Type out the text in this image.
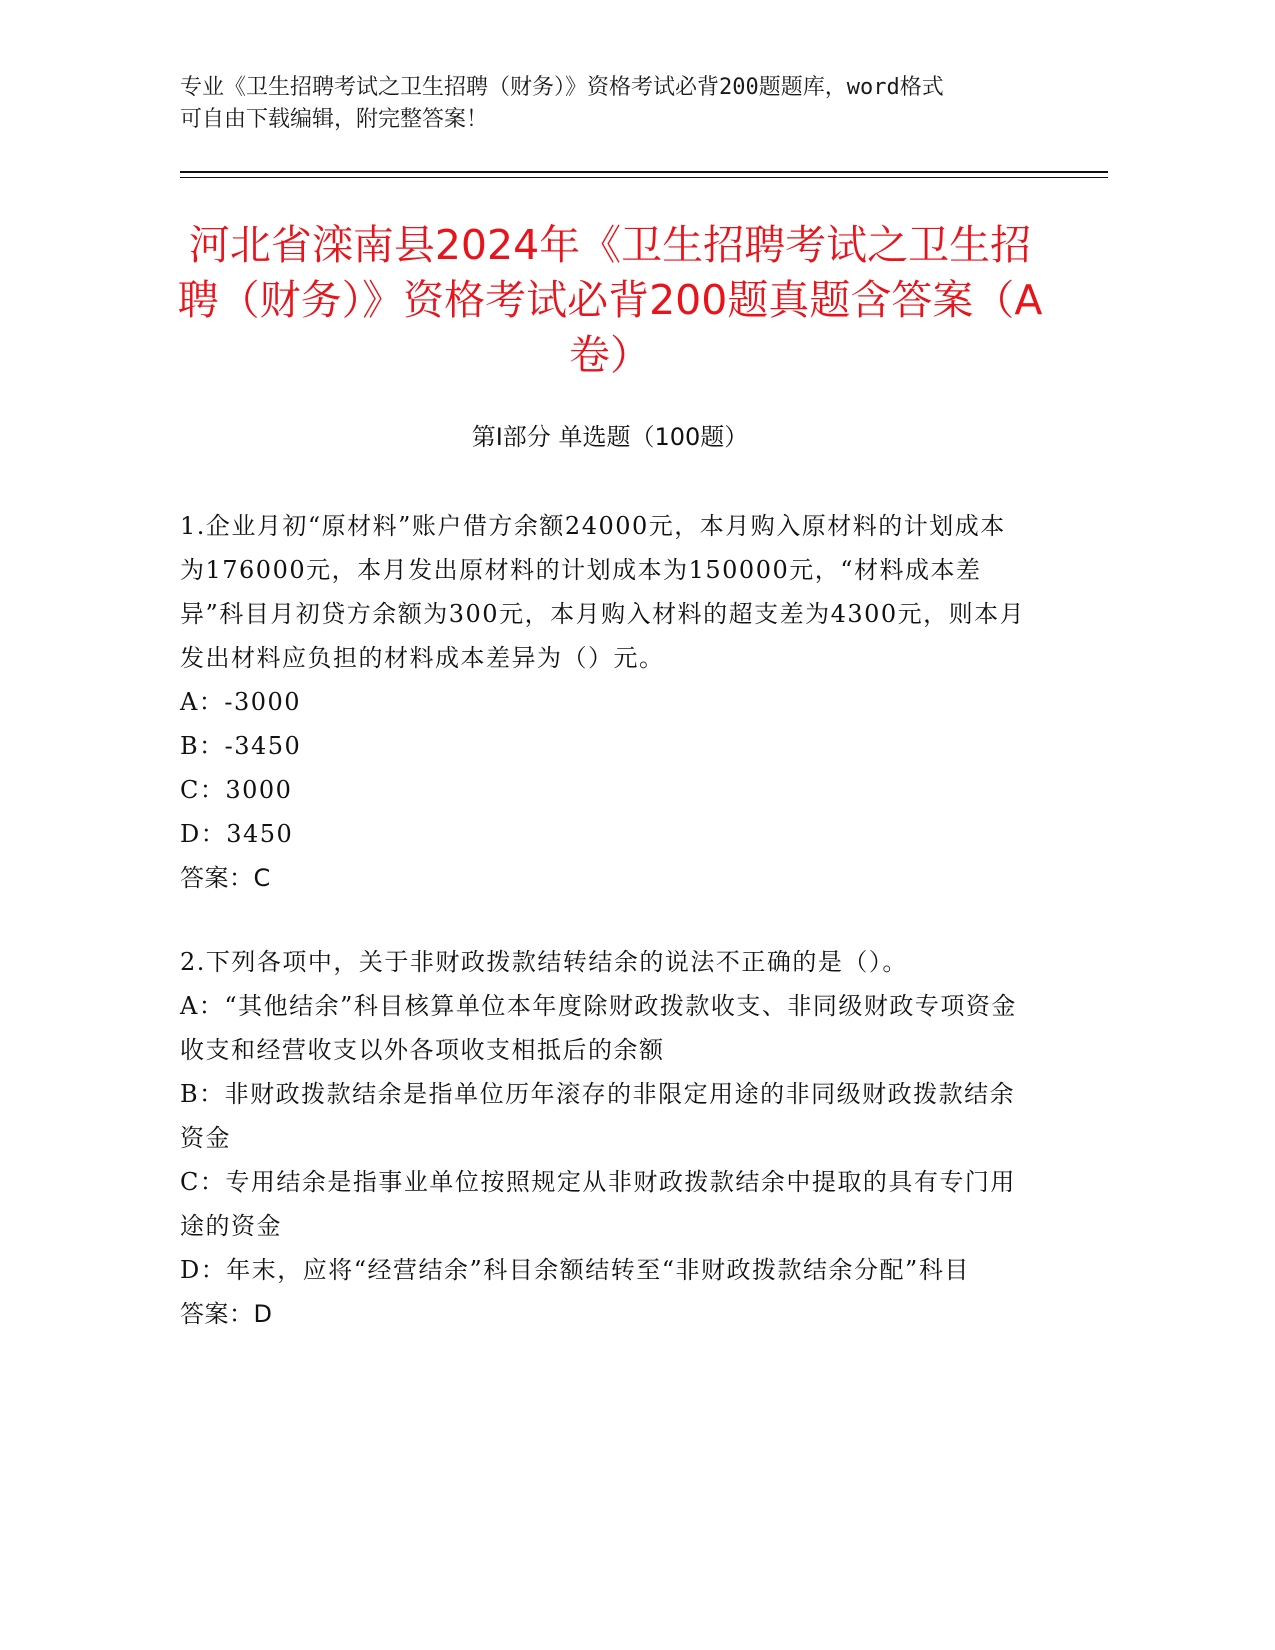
专业《卫生招聘考试之卫生招聘（财务）》资格考试必背200题题库，word格式
可自由下载编辑，附完整答案！
河北省滦南县2024年《卫生招聘考试之卫生招聘（财务）》资格考试必背200题真题含答案（A卷）
第Ⅰ部分 单选题（100题）

1.企业月初“原材料”账户借方余额24000元，本月购入原材料的计划成本为176000元，本月发出原材料的计划成本为150000元，“材料成本差异”科目月初贷方余额为300元，本月购入材料的超支差为4300元，则本月发出材料应负担的材料成本差异为（）元。

A：-3000

B：-3450

C：3000

D：3450

答案：C

2.下列各项中，关于非财政拨款结转结余的说法不正确的是（）。

A：“其他结余”科目核算单位本年度除财政拨款收支、非同级财政专项资金收支和经营收支以外各项收支相抵后的余额

B：非财政拨款结余是指单位历年滚存的非限定用途的非同级财政拨款结余资金

C：专用结余是指事业单位按照规定从非财政拨款结余中提取的具有专门用途的资金

D：年末，应将“经营结余”科目余额结转至“非财政拨款结余分配”科目

答案：D
